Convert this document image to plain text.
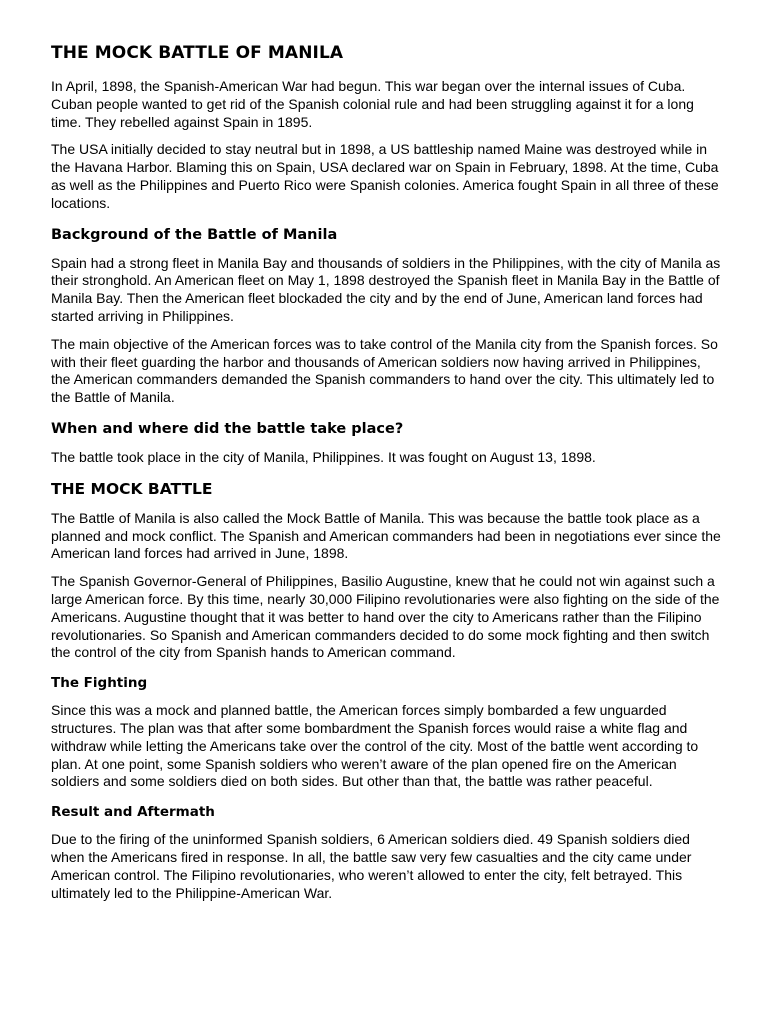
THE MOCK BATTLE OF MANILA

In April, 1898, the Spanish-American War had begun. This war began over the internal issues of Cuba. Cuban people wanted to get rid of the Spanish colonial rule and had been struggling against it for a long time. They rebelled against Spain in 1895.

The USA initially decided to stay neutral but in 1898, a US battleship named Maine was destroyed while in the Havana Harbor. Blaming this on Spain, USA declared war on Spain in February, 1898. At the time, Cuba as well as the Philippines and Puerto Rico were Spanish colonies. America fought Spain in all three of these locations.

Background of the Battle of Manila

Spain had a strong fleet in Manila Bay and thousands of soldiers in the Philippines, with the city of Manila as their stronghold. An American fleet on May 1, 1898 destroyed the Spanish fleet in Manila Bay in the Battle of Manila Bay. Then the American fleet blockaded the city and by the end of June, American land forces had started arriving in Philippines.

The main objective of the American forces was to take control of the Manila city from the Spanish forces. So with their fleet guarding the harbor and thousands of American soldiers now having arrived in Philippines, the American commanders demanded the Spanish commanders to hand over the city. This ultimately led to the Battle of Manila.

When and where did the battle take place?

The battle took place in the city of Manila, Philippines. It was fought on August 13, 1898.

THE MOCK BATTLE

The Battle of Manila is also called the Mock Battle of Manila. This was because the battle took place as a planned and mock conflict. The Spanish and American commanders had been in negotiations ever since the American land forces had arrived in June, 1898.

The Spanish Governor-General of Philippines, Basilio Augustine, knew that he could not win against such a large American force. By this time, nearly 30,000 Filipino revolutionaries were also fighting on the side of the Americans. Augustine thought that it was better to hand over the city to Americans rather than the Filipino revolutionaries. So Spanish and American commanders decided to do some mock fighting and then switch the control of the city from Spanish hands to American command.

The Fighting

Since this was a mock and planned battle, the American forces simply bombarded a few unguarded structures. The plan was that after some bombardment the Spanish forces would raise a white flag and withdraw while letting the Americans take over the control of the city. Most of the battle went according to plan. At one point, some Spanish soldiers who weren’t aware of the plan opened fire on the American soldiers and some soldiers died on both sides. But other than that, the battle was rather peaceful.

Result and Aftermath

Due to the firing of the uninformed Spanish soldiers, 6 American soldiers died. 49 Spanish soldiers died when the Americans fired in response. In all, the battle saw very few casualties and the city came under American control. The Filipino revolutionaries, who weren’t allowed to enter the city, felt betrayed. This ultimately led to the Philippine-American War.
